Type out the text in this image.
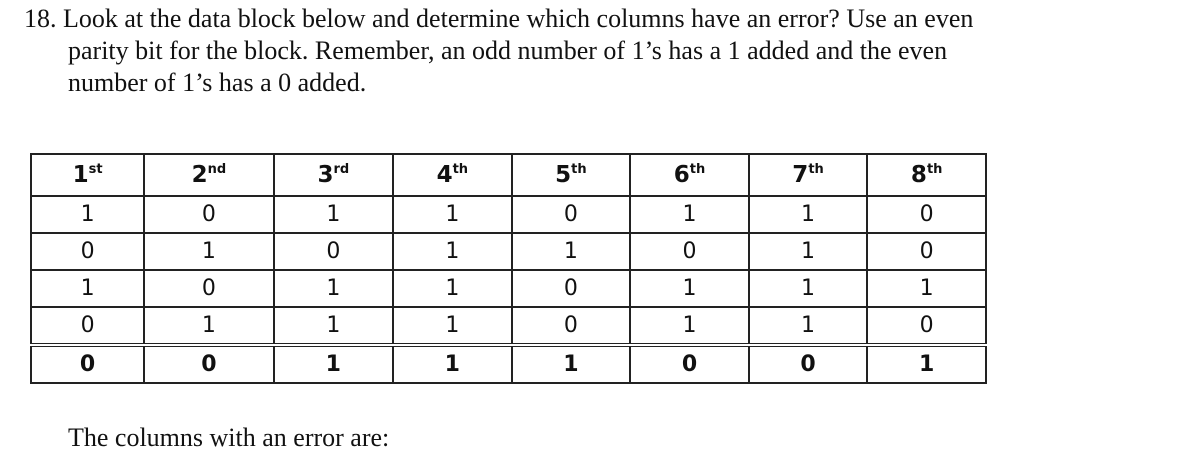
18. Look at the data block below and determine which columns have an error? Use an even
parity bit for the block. Remember, an odd number of 1’s has a 1 added and the even
number of 1’s has a 0 added.
1st	2nd	3rd	4th	5th	6th	7th	8th
1	0	1	1	0	1	1	0
0	1	0	1	1	0	1	0
1	0	1	1	0	1	1	1
0	1	1	1	0	1	1	0
0	0	1	1	1	0	0	1
The columns with an error are:
